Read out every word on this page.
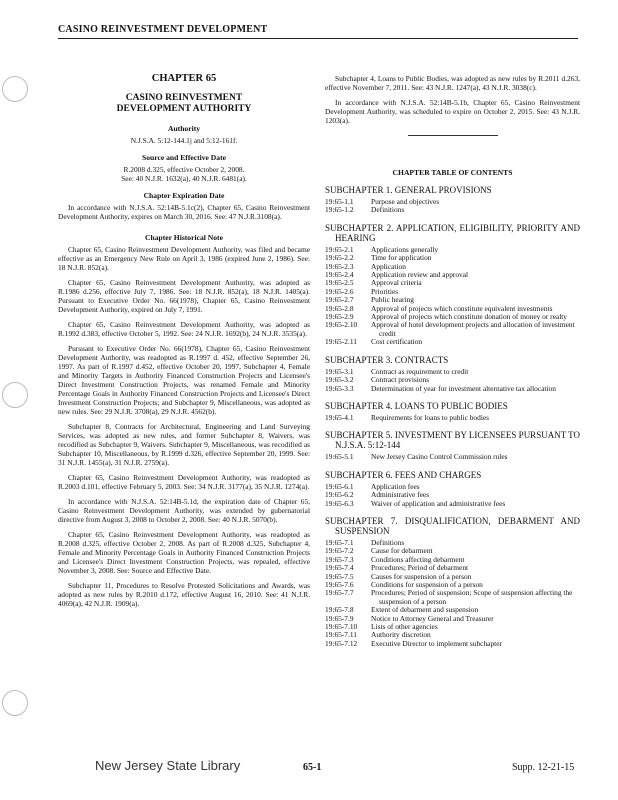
CASINO REINVESTMENT DEVELOPMENT
CHAPTER 65
CASINO REINVESTMENT
DEVELOPMENT AUTHORITY
Authority

N.J.S.A. 5:12-144.1j and 5:12-161f.

Source and Effective Date

R.2008 d.325, effective October 2, 2008.

See: 40 N.J.R. 1632(a), 40 N.J.R. 6481(a).

Chapter Expiration Date

In accordance with N.J.S.A. 52:14B-5.1c(2), Chapter 65, Casino Reinvestment Development Authority, expires on March 30, 2016. See: 47 N.J.R.3108(a).

Chapter Historical Note

Chapter 65, Casino Reinvestment Development Authority, was filed and became effective as an Emergency New Rule on April 3, 1986 (expired June 2, 1986). See: 18 N.J.R. 852(a).

Chapter 65, Casino Reinvestment Development Authority, was adopted as R.1986 d.256, effective July 7, 1986. See: 18 N.J.R. 852(a), 18 N.J.R. 1405(a). Pursuant to Executive Order No. 66(1978), Chapter 65, Casino Reinvestment Development Authority, expired on July 7, 1991.

Chapter 65, Casino Reinvestment Development Authority, was adopted as R.1992 d.383, effective October 5, 1992. See: 24 N.J.R. 1692(b), 24 N.J.R. 3535(a).

Pursuant to Executive Order No. 66(1978), Chapter 65, Casino Reinvestment Development Authority, was readopted as R.1997 d. 452, effective September 26, 1997. As part of R.1997 d.452, effective October 20, 1997, Subchapter 4, Female and Minority Targets in Authority Financed Construction Projects and Licensee's Direct Investment Construction Projects, was renamed Female and Minority Percentage Goals in Authority Financed Construction Projects and Licensee's Direct Investment Construction Projects; and Subchapter 9, Miscellaneous, was adopted as new rules. See: 29 N.J.R. 3708(a), 29 N.J.R. 4562(b).

Subchapter 8, Contracts for Architectural, Engineering and Land Surveying Services, was adopted as new rules, and former Subchapter 8, Waivers, was recodified as Subchapter 9, Waivers. Subchapter 9, Miscellaneous, was recodified as Subchapter 10, Miscellaneous, by R.1999 d.326, effective September 20, 1999. See: 31 N.J.R. 1455(a), 31 N.J.R. 2759(a).

Chapter 65, Casino Reinvestment Development Authority, was readopted as R.2003 d.101, effective February 5, 2003. See: 34 N.J.R. 3177(a), 35 N.J.R. 1274(a).

In accordance with N.J.S.A. 52:14B-5.1d, the expiration date of Chapter 65, Casino Reinvestment Development Authority, was extended by gubernatorial directive from August 3, 2008 to October 2, 2008. See: 40 N.J.R. 5070(b).

Chapter 65, Casino Reinvestment Development Authority, was readopted as R.2008 d.325, effective October 2, 2008. As part of R.2008 d.325, Subchapter 4, Female and Minority Percentage Goals in Authority Financed Construction Projects and Licensee's Direct Investment Construction Projects, was repealed, effective November 3, 2008. See: Source and Effective Date.

Subchapter 11, Procedures to Resolve Protested Solicitations and Awards, was adopted as new rules by R.2010 d.172, effective August 16, 2010. See: 41 N.J.R. 4069(a), 42 N.J.R. 1909(a).

Subchapter 4, Loans to Public Bodies, was adopted as new rules by R.2011 d.263, effective November 7, 2011. See: 43 N.J.R. 1247(a), 43 N.J.R. 3038(c).

In accordance with N.J.S.A. 52:14B-5.1b, Chapter 65, Casino Reinvestment Development Authority, was scheduled to expire on October 2, 2015. See: 43 N.J.R. 1203(a).

CHAPTER TABLE OF CONTENTS
SUBCHAPTER 1. GENERAL PROVISIONS
19:65-1.1	Purpose and objectives
19:65-1.2	Definitions
SUBCHAPTER 2. APPLICATION, ELIGIBILITY, PRIORITY AND HEARING
19:65-2.1	Applications generally
19:65-2.2	Time for application
19:65-2.3	Application
19:65-2.4	Application review and approval
19:65-2.5	Approval criteria
19:65-2.6	Priorities
19:65-2.7	Public hearing
19:65-2.8	Approval of projects which constitute equivalent investments
19:65-2.9	Approval of projects which constitute donation of money or realty
19:65-2.10	Approval of hotel development projects and allocation of investment credit
19:65-2.11	Cost certification
SUBCHAPTER 3. CONTRACTS
19:65-3.1	Contract as requirement to credit
19:65-3.2	Contract provisions
19:65-3.3	Determination of year for investment alternative tax allocation
SUBCHAPTER 4. LOANS TO PUBLIC BODIES
19:65-4.1	Requirements for loans to public bodies
SUBCHAPTER 5. INVESTMENT BY LICENSEES PURSUANT TO N.J.S.A. 5:12-144
19:65-5.1	New Jersey Casino Control Commission rules
SUBCHAPTER 6. FEES AND CHARGES
19:65-6.1	Application fees
19:65-6.2	Administrative fees
19:65-6.3	Waiver of application and administrative fees
SUBCHAPTER 7. DISQUALIFICATION, DEBARMENT AND SUSPENSION
19:65-7.1	Definitions
19:65-7.2	Cause for debarment
19:65-7.3	Conditions affecting debarment
19:65-7.4	Procedures; Period of debarment
19:65-7.5	Causes for suspension of a person
19:65-7.6	Conditions for suspension of a person
19:65-7.7	Procedures; Period of suspension; Scope of suspension affecting the suspension of a person
19:65-7.8	Extent of debarment and suspension
19:65-7.9	Notice to Attorney General and Treasurer
19:65-7.10	Lists of other agencies
19:65-7.11	Authority discretion
19:65-7.12	Executive Director to implement subchapter
New Jersey State Library	65-1	Supp. 12-21-15
